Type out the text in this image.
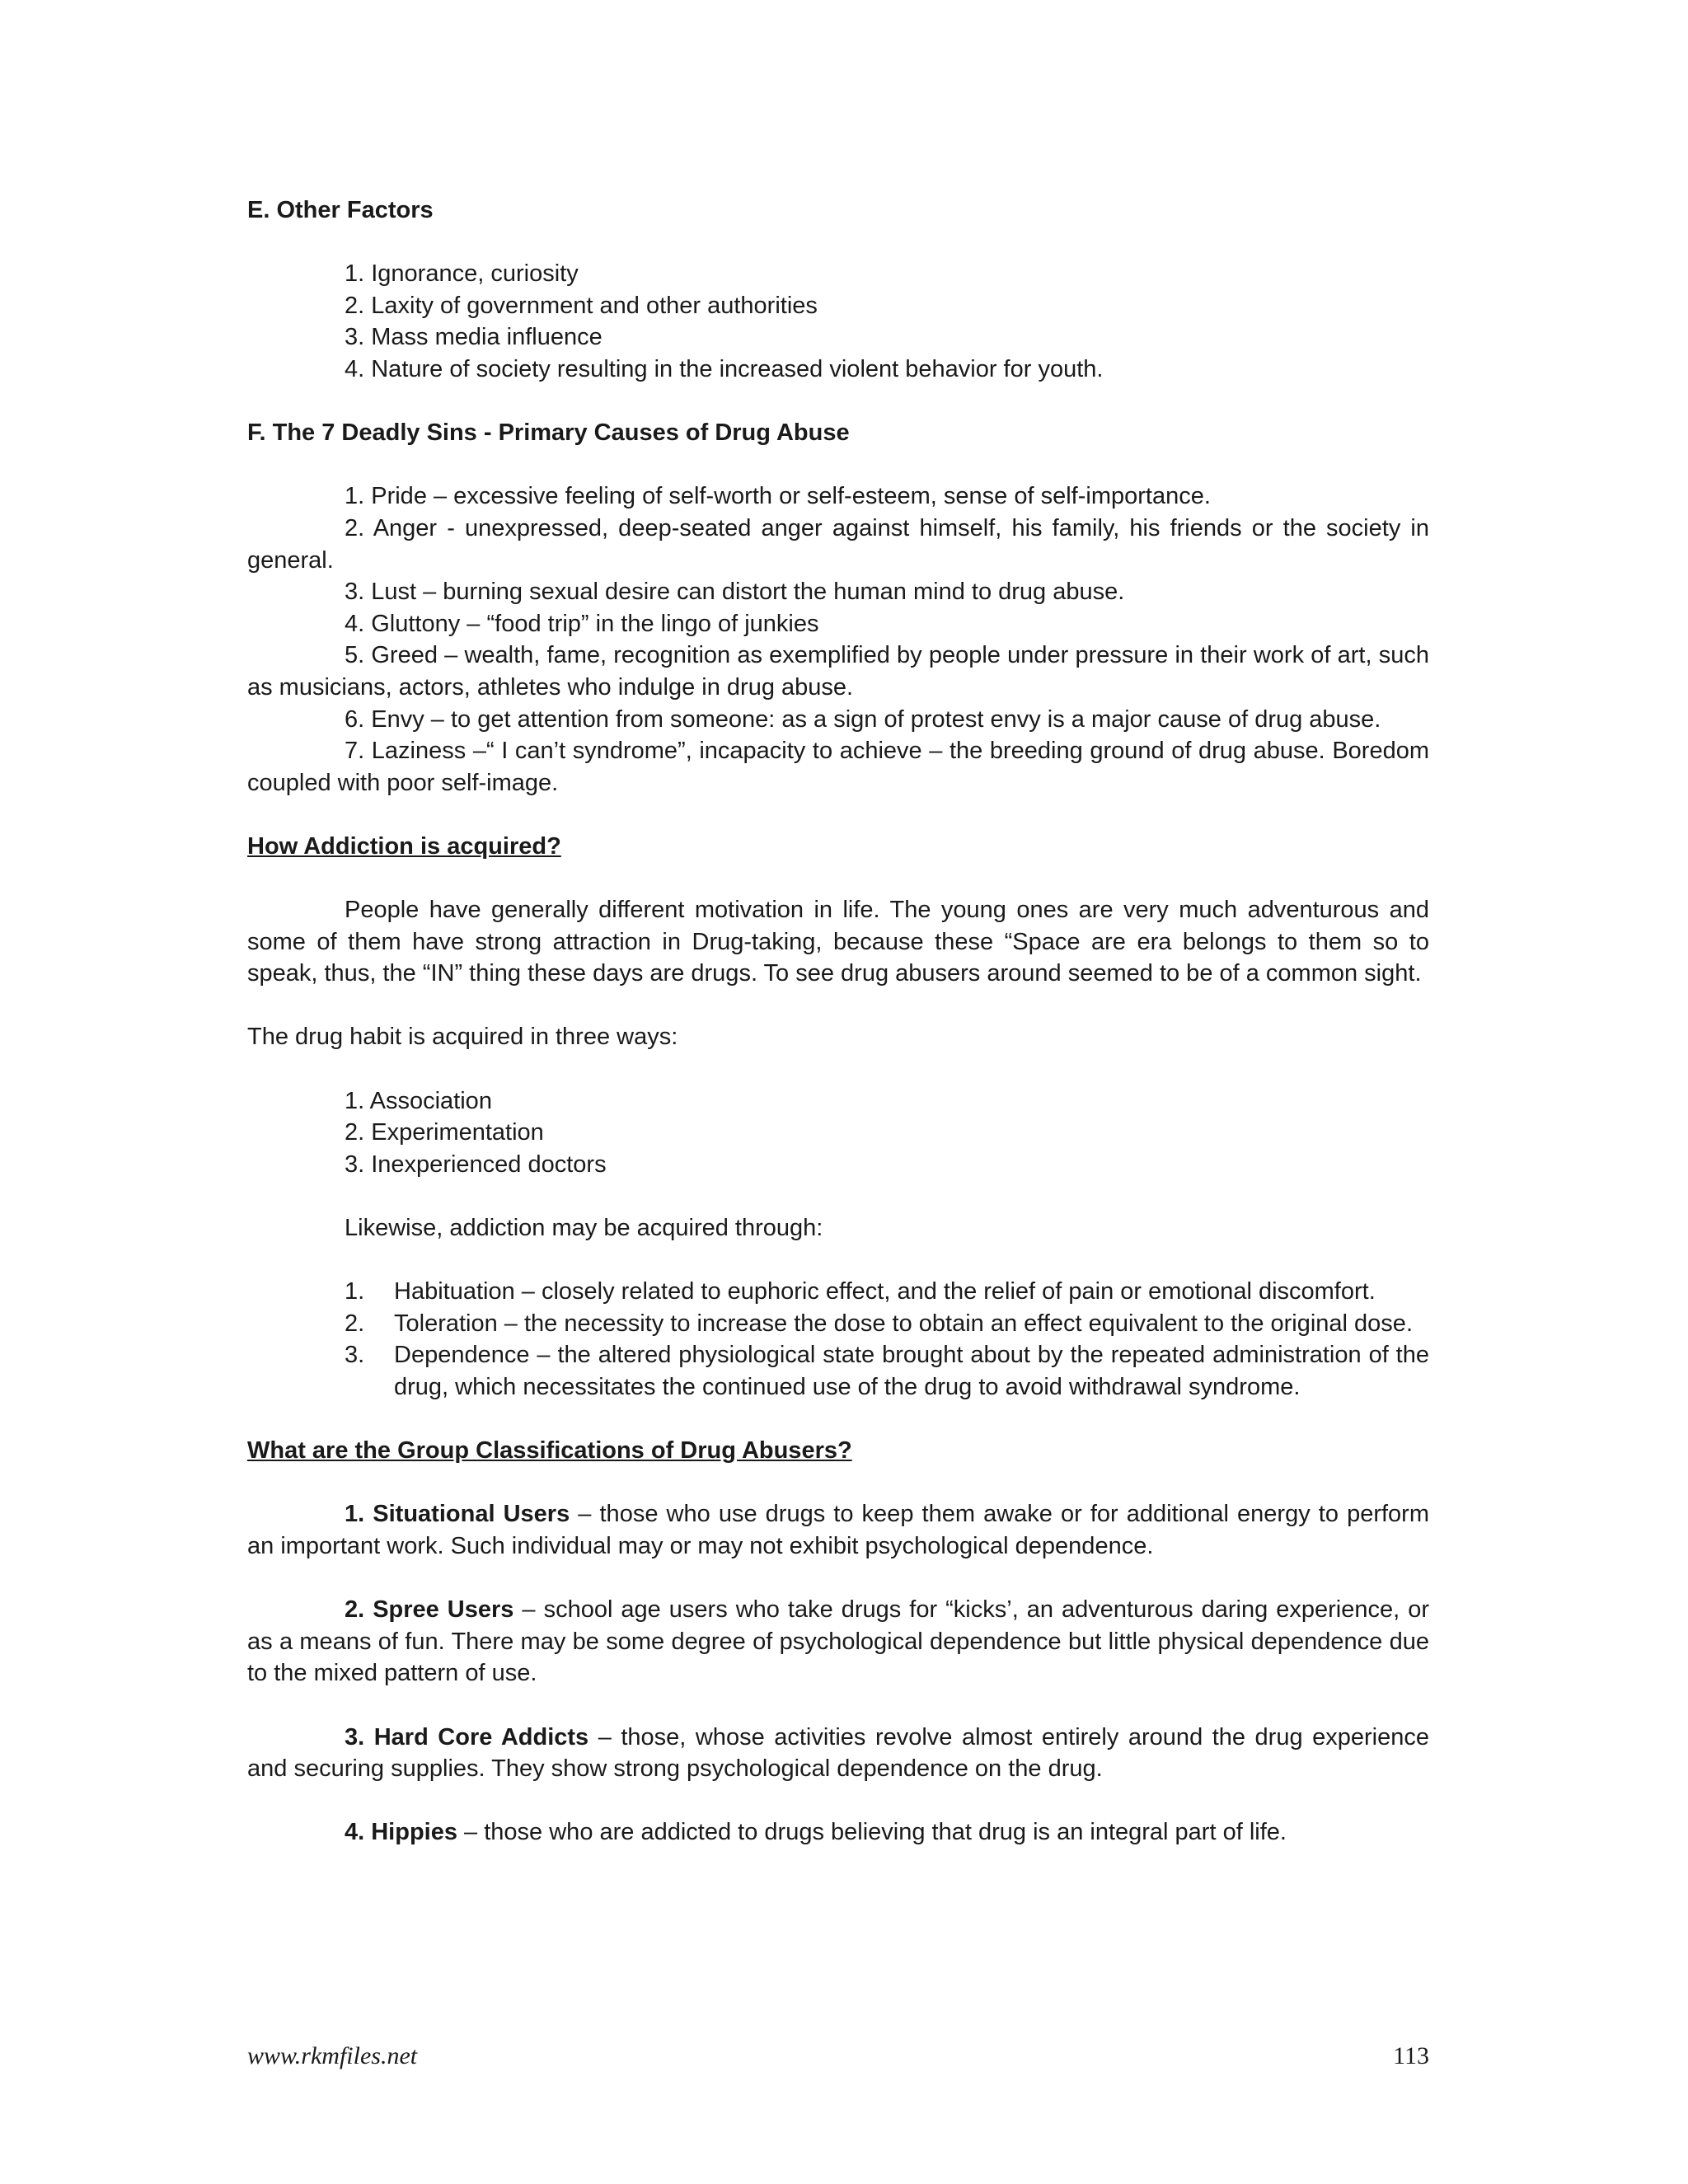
E. Other Factors

1. Ignorance, curiosity

2. Laxity of government and other authorities

3. Mass media influence

4. Nature of society resulting in the increased violent behavior for youth.

F. The 7 Deadly Sins - Primary Causes of Drug Abuse

1. Pride – excessive feeling of self-worth or self-esteem, sense of self-importance.

2. Anger - unexpressed, deep-seated anger against himself, his family, his friends or the society in general.

3. Lust – burning sexual desire can distort the human mind to drug abuse.

4. Gluttony – “food trip” in the lingo of junkies

5. Greed – wealth, fame, recognition as exemplified by people under pressure in their work of art, such as musicians, actors, athletes who indulge in drug abuse.

6. Envy – to get attention from someone: as a sign of protest envy is a major cause of drug abuse.

7. Laziness –“ I can’t syndrome”, incapacity to achieve – the breeding ground of drug abuse. Boredom coupled with poor self-image.

How Addiction is acquired?

People have generally different motivation in life. The young ones are very much adventurous and some of them have strong attraction in Drug-taking, because these “Space are era belongs to them so to speak, thus, the “IN” thing these days are drugs. To see drug abusers around seemed to be of a common sight.

The drug habit is acquired in three ways:

1. Association

2. Experimentation

3. Inexperienced doctors

Likewise, addiction may be acquired through:

1. Habituation – closely related to euphoric effect, and the relief of pain or emotional discomfort.

2. Toleration – the necessity to increase the dose to obtain an effect equivalent to the original dose.

3. Dependence – the altered physiological state brought about by the repeated administration of the drug, which necessitates the continued use of the drug to avoid withdrawal syndrome.

What are the Group Classifications of Drug Abusers?

1. Situational Users – those who use drugs to keep them awake or for additional energy to perform an important work. Such individual may or may not exhibit psychological dependence.

2. Spree Users – school age users who take drugs for “kicks’, an adventurous daring experience, or as a means of fun. There may be some degree of psychological dependence but little physical dependence due to the mixed pattern of use.

3. Hard Core Addicts – those, whose activities revolve almost entirely around the drug experience and securing supplies. They show strong psychological dependence on the drug.

4. Hippies – those who are addicted to drugs believing that drug is an integral part of life.

www.rkmfiles.net	113
